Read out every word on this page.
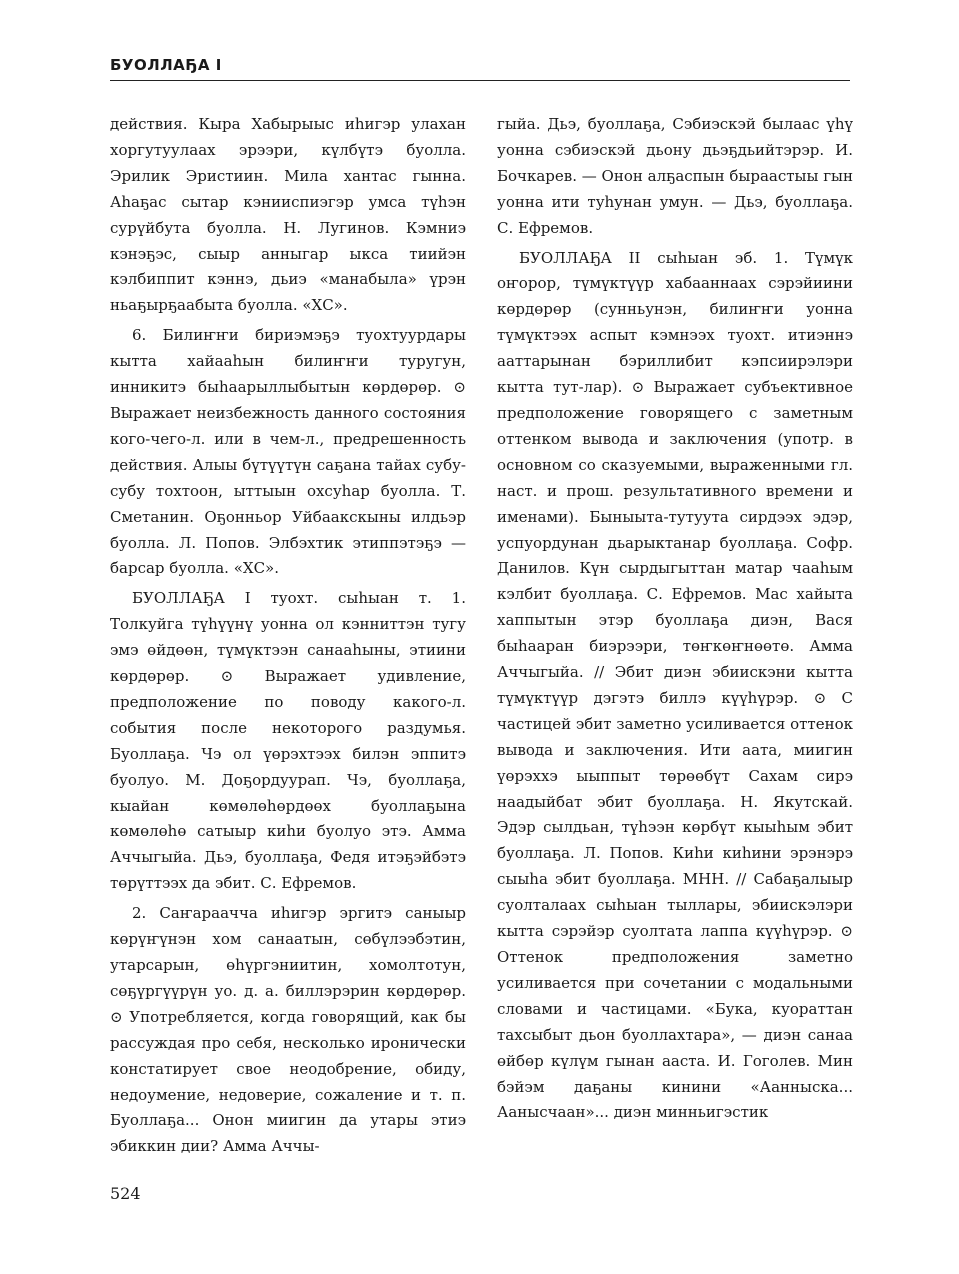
БУОЛЛАҔА I

действия. Кыра Хабырыыс иһигэр улахан хоргутуулаах эрээри, күлбүтэ буолла. Эрилик Эристиин. Мила хантас гынна. Аһаҕас сытар кэнииспиэгэр умса түһэн сурүйбута буолла. Н. Лугинов. Кэмниэ кэнэҕэс, сыыр анныгар ыкса тиийэн кэлбиппит кэннэ, дьиэ «манабыла» үрэн ньаҕырҕаабыта буолла. «ХС».

6. Билиҥҥи бириэмэҕэ туохтуурдары кытта хайааһын билиҥҥи туругун, инникитэ быһаарыллыбытын көрдөрөр. ⊙ Выражает неизбежность данного состояния кого-чего-л. или в чем-л., предрешенность действия. Алыы бүтүүтүн саҕана тайах субу-субу тохтоон, ыттыын охсуһар буолла. Т. Сметанин. Оҕонньор Уйбаакскыны илдьэр буолла. Л. Попов. Элбэхтик этиппэтэҕэ — барсар буолла. «ХС».

БУОЛЛАҔА I туохт. сыһыан т. 1. Толкуйга түһүүнү уонна ол кэнниттэн тугу эмэ өйдөөн, түмүктээн санааһыны, этиини көрдөрөр. ⊙ Выражает удивление, предположение по поводу какого-л. события после некоторого раздумья. Буоллаҕа. Чэ ол үөрэхтээх билэн эппитэ буолуо. М. Доҕордуурап. Чэ, буоллаҕа, кыайан көмөлөһөрдөөх буоллаҕына көмөлөһө сатыыр киһи буолуо этэ. Амма Аччыгыйа. Дьэ, буоллаҕа, Федя итэҕэйбэтэ төрүттээх да эбит. С. Ефремов.

2. Саҥараачча иһигэр эргитэ саныыр көрүҥүнэн хом санаатын, сөбүлээбэтин, утарсарын, өһүргэниитин, хомолтотун, сөҕүргүүрүн уо. д. а. биллэрэрин көрдөрөр. ⊙ Употребляется, когда говорящий, как бы рассуждая про себя, несколько иронически констатирует свое неодобрение, обиду, недоумение, недоверие, сожаление и т. п. Буоллаҕа... Онон миигин да утары этиэ эбиккин дии? Амма Аччы-

гыйа. Дьэ, буоллаҕа, Сэбиэскэй былаас үһү уонна сэбиэскэй дьону дьэҕдьийтэрэр. И. Бочкарев. — Онон алҕаспын быраастыы гын уонна ити туһунан умун. — Дьэ, буоллаҕа. С. Ефремов.

БУОЛЛАҔА II сыһыан эб. 1. Түмүк оҥорор, түмүктүүр хабааннаах сэрэйиини көрдөрөр (сунньунэн, билиҥҥи уонна түмүктээх аспыт кэмнээх туохт. итиэннэ ааттарынан бэриллибит кэпсиирэлэри кытта тут-лар). ⊙ Выражает субъективное предположение говорящего с заметным оттенком вывода и заключения (употр. в основном со сказуемыми, выраженными гл. наст. и прош. результативного времени и именами). Быныыта-тутуута сирдээх эдэр, успуордунан дьарыктанар буоллаҕа. Софр. Данилов. Күн сырдыгыттан матар чааһым кэлбит буоллаҕа. С. Ефремов. Мас хайыта хаппытын этэр буоллаҕа диэн, Вася быһааран биэрээри, төҥкөҥнөөтө. Амма Аччыгыйа. // Эбит диэн эбиискэни кытта түмүктүүр дэгэтэ биллэ күүһүрэр. ⊙ С частицей эбит заметно усиливается оттенок вывода и заключения. Ити аата, миигин үөрэххэ ыыппыт төрөөбүт Сахам сирэ наадыйбат эбит буоллаҕа. Н. Якутскай. Эдэр сылдьан, түһээн көрбүт кыыһым эбит буоллаҕа. Л. Попов. Киһи киһини эрэнэрэ сыыһа эбит буоллаҕа. МНН. // Сабаҕалыыр суолталаах сыһыан тыллары, эбиискэлэри кытта сэрэйэр суолтата лаппа күүһүрэр. ⊙ Оттенок предположения заметно усиливается при сочетании с модальными словами и частицами. «Бука, куораттан тахсыбыт дьон буоллахтара», — диэн санаа өйбөр күлүм гынан ааста. И. Гоголев. Мин бэйэм даҕаны кинини «Аанныска... Аанысчаан»... диэн минньигэстик

524
